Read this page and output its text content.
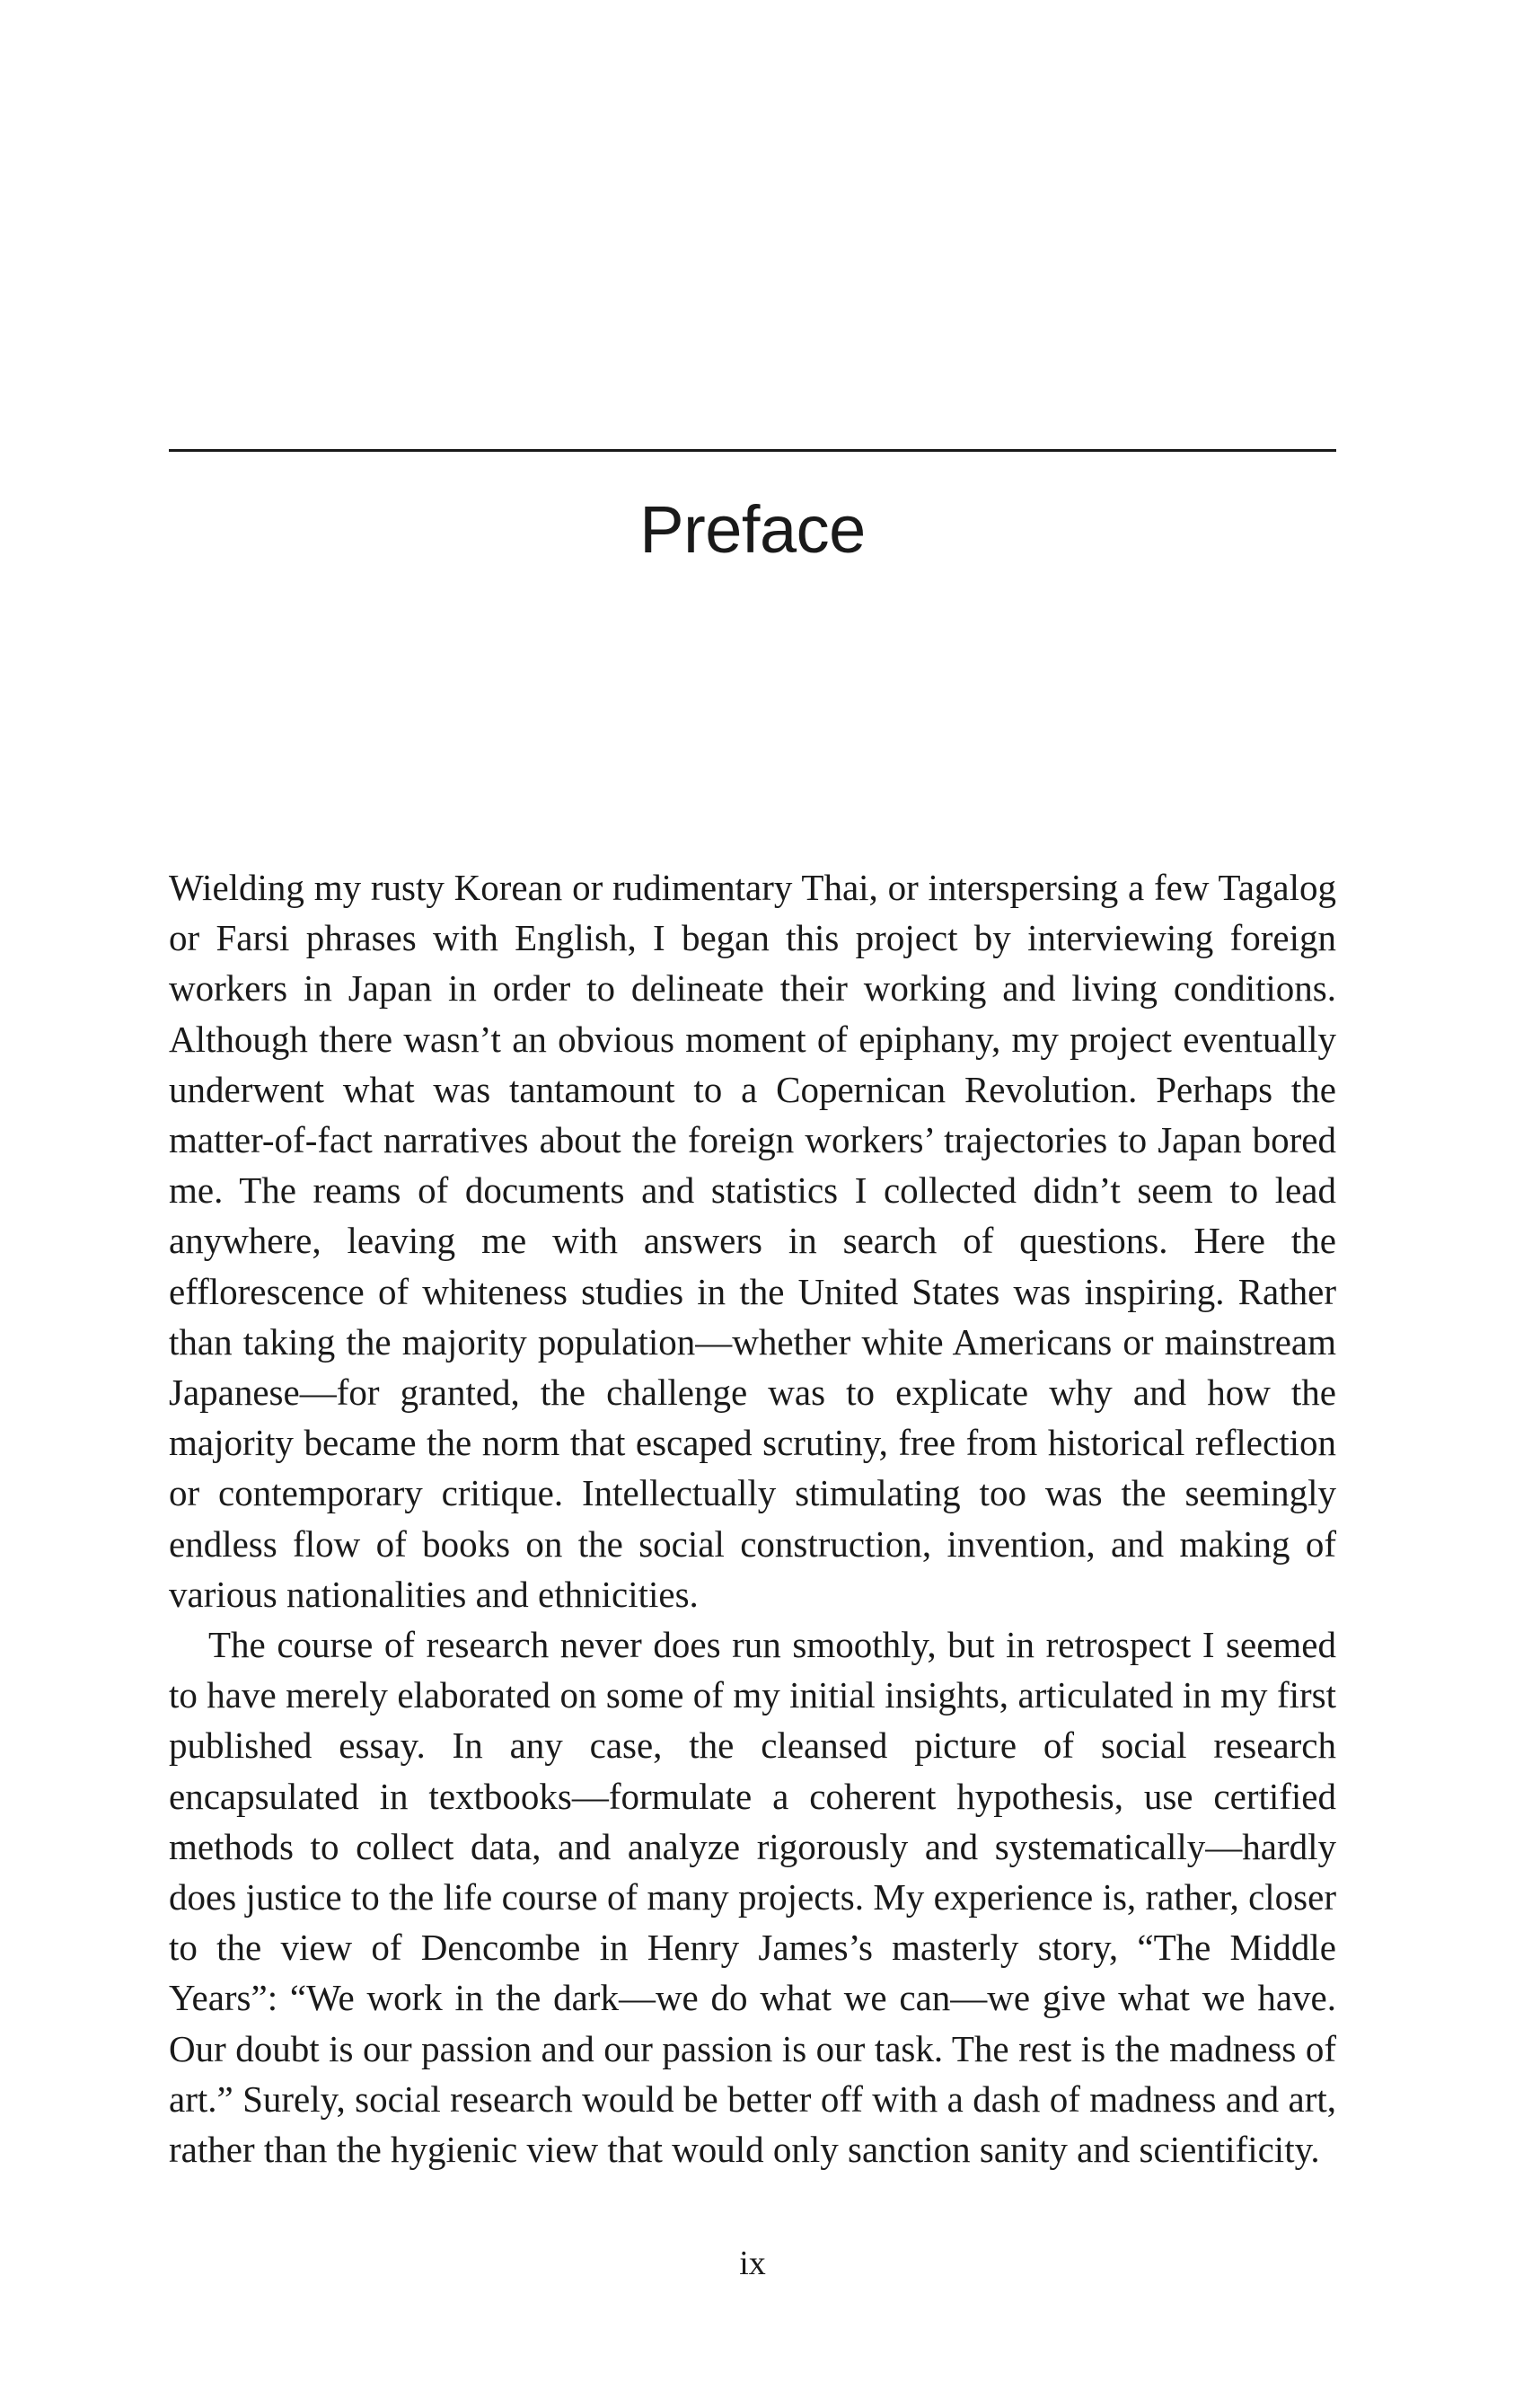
Preface

Wielding my rusty Korean or rudimentary Thai, or interspersing a few Tagalog or Farsi phrases with English, I began this project by interviewing foreign workers in Japan in order to delineate their working and living conditions. Although there wasn’t an obvious moment of epiphany, my project eventually underwent what was tantamount to a Copernican Revolution. Perhaps the matter-of-fact narratives about the foreign workers’ trajectories to Japan bored me. The reams of documents and statistics I collected didn’t seem to lead anywhere, leaving me with answers in search of questions. Here the efflorescence of whiteness studies in the United States was inspiring. Rather than taking the majority population—whether white Americans or mainstream Japanese—for granted, the challenge was to explicate why and how the majority became the norm that escaped scrutiny, free from historical reflection or contemporary critique. Intellectually stimulating too was the seemingly endless flow of books on the social construction, invention, and making of various nationalities and ethnicities.

The course of research never does run smoothly, but in retrospect I seemed to have merely elaborated on some of my initial insights, articulated in my first published essay. In any case, the cleansed picture of social research encapsulated in textbooks—formulate a coherent hypothesis, use certified methods to collect data, and analyze rigorously and systematically—hardly does justice to the life course of many projects. My experience is, rather, closer to the view of Dencombe in Henry James’s masterly story, “The Middle Years”: “We work in the dark—we do what we can—we give what we have. Our doubt is our passion and our passion is our task. The rest is the madness of art.” Surely, social research would be better off with a dash of madness and art, rather than the hygienic view that would only sanction sanity and scientificity.

ix
